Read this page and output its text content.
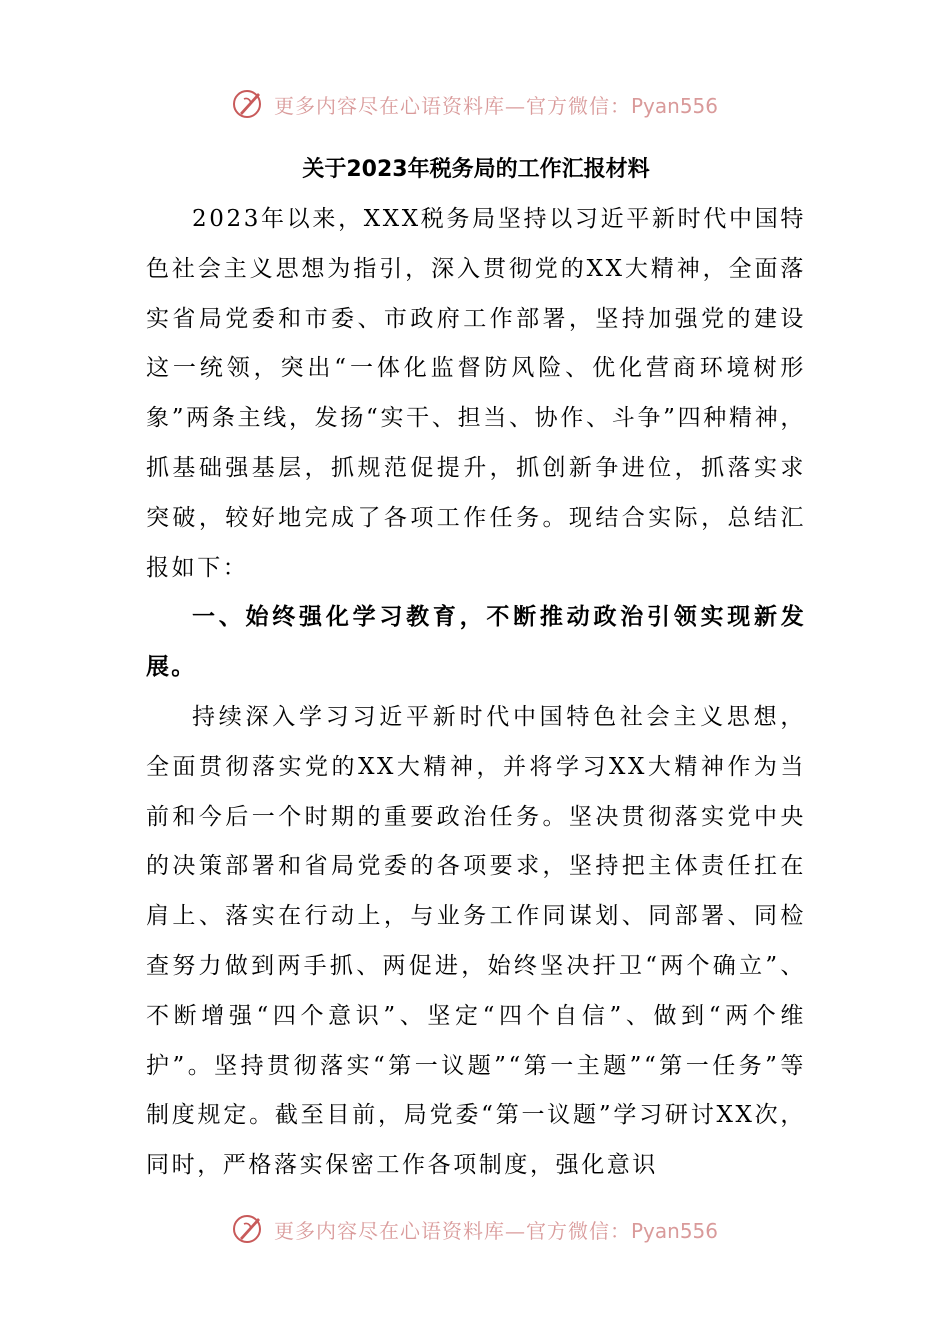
更多内容尽在心语资料库—官方微信：Pyan556
关于2023年税务局的工作汇报材料

2023年以来，XXX税务局坚持以习近平新时代中国特色社会主义思想为指引，深入贯彻党的XX大精神，全面落实省局党委和市委、市政府工作部署，坚持加强党的建设这一统领，突出“一体化监督防风险、优化营商环境树形象”两条主线，发扬“实干、担当、协作、斗争”四种精神，抓基础强基层，抓规范促提升，抓创新争进位，抓落实求突破，较好地完成了各项工作任务。现结合实际，总结汇报如下：

一、始终强化学习教育，不断推动政治引领实现新发展。

持续深入学习习近平新时代中国特色社会主义思想，全面贯彻落实党的XX大精神，并将学习XX大精神作为当前和今后一个时期的重要政治任务。坚决贯彻落实党中央的决策部署和省局党委的各项要求，坚持把主体责任扛在肩上、落实在行动上，与业务工作同谋划、同部署、同检查努力做到两手抓、两促进，始终坚决扞卫“两个确立”、不断增强“四个意识”、坚定“四个自信”、做到“两个维护”。坚持贯彻落实“第一议题”“第一主题”“第一任务”等制度规定。截至目前，局党委“第一议题”学习研讨XX次，同时，严格落实保密工作各项制度，强化意识

更多内容尽在心语资料库—官方微信：Pyan556
